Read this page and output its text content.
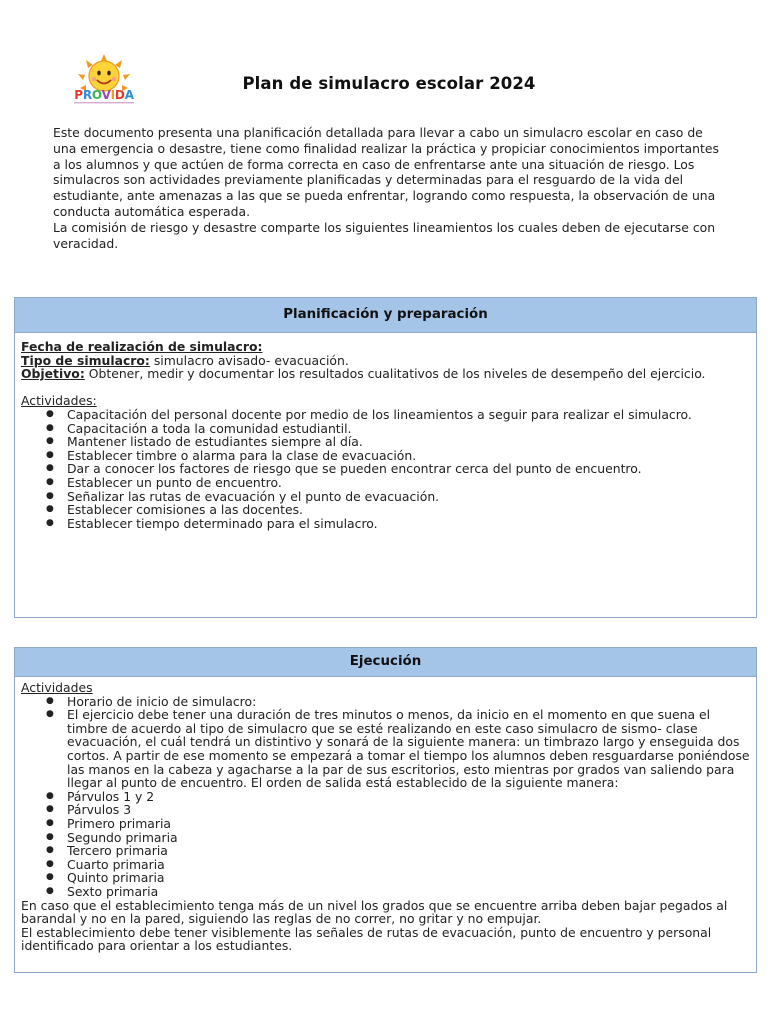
PROVIDA
Plan de simulacro escolar 2024

Este documento presenta una planificación detallada para llevar a cabo un simulacro escolar en caso de una emergencia o desastre, tiene como finalidad realizar la práctica y propiciar conocimientos importantes a los alumnos y que actúen de forma correcta en caso de enfrentarse ante una situación de riesgo. Los simulacros son actividades previamente planificadas y determinadas para el resguardo de la vida del estudiante, ante amenazas a las que se pueda enfrentar, logrando como respuesta, la observación de una conducta automática esperada.

La comisión de riesgo y desastre comparte los siguientes lineamientos los cuales deben de ejecutarse con veracidad.

Planificación y preparación

Fecha de realización de simulacro:

Tipo de simulacro: simulacro avisado- evacuación.

Objetivo: Obtener, medir y documentar los resultados cualitativos de los niveles de desempeño del ejercicio.

Actividades:

● Capacitación del personal docente por medio de los lineamientos a seguir para realizar el simulacro.
● Capacitación a toda la comunidad estudiantil.
● Mantener listado de estudiantes siempre al día.
● Establecer timbre o alarma para la clase de evacuación.
● Dar a conocer los factores de riesgo que se pueden encontrar cerca del punto de encuentro.
● Establecer un punto de encuentro.
● Señalizar las rutas de evacuación y el punto de evacuación.
● Establecer comisiones a las docentes.
● Establecer tiempo determinado para el simulacro.
Ejecución

Actividades

● Horario de inicio de simulacro:
● El ejercicio debe tener una duración de tres minutos o menos, da inicio en el momento en que suena el timbre de acuerdo al tipo de simulacro que se esté realizando en este caso simulacro de sismo- clase evacuación, el cuál tendrá un distintivo y sonará de la siguiente manera: un timbrazo largo y enseguida dos cortos. A partir de ese momento se empezará a tomar el tiempo los alumnos deben resguardarse poniéndose las manos en la cabeza y agacharse a la par de sus escritorios, esto mientras por grados van saliendo para llegar al punto de encuentro. El orden de salida está establecido de la siguiente manera:
● Párvulos 1 y 2
● Párvulos 3
● Primero primaria
● Segundo primaria
● Tercero primaria
● Cuarto primaria
● Quinto primaria
● Sexto primaria

En caso que el establecimiento tenga más de un nivel los grados que se encuentre arriba deben bajar pegados al barandal y no en la pared, siguiendo las reglas de no correr, no gritar y no empujar.

El establecimiento debe tener visiblemente las señales de rutas de evacuación, punto de encuentro y personal identificado para orientar a los estudiantes.
